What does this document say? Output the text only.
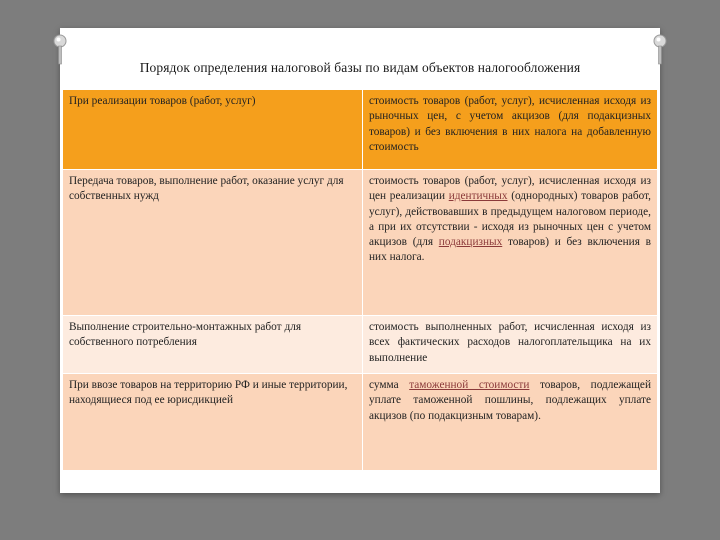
Порядок определения налоговой базы по видам объектов налогообложения
При реализации товаров (работ, услуг)	стоимость товаров (работ, услуг), исчисленная исходя из рыночных цен, с учетом акцизов (для подакцизных товаров) и без включения в них налога на добавленную стоимость
Передача товаров, выполнение работ, оказание услуг для собственных нужд	стоимость товаров (работ, услуг), исчисленная исходя из цен реализации идентичных (однородных) товаров работ, услуг), действовавших в предыдущем налоговом периоде, а при их отсутствии - исходя из рыночных цен с учетом акцизов (для подакцизных товаров) и без включения в них налога.
Выполнение строительно-монтажных работ для собственного потребления	стоимость выполненных работ, исчисленная исходя из всех фактических расходов налогоплательщика на их выполнение
При ввозе товаров на территорию РФ и иные территории, находящиеся под ее юрисдикцией	сумма таможенной стоимости товаров, подлежащей уплате таможенной пошлины, подлежащих уплате акцизов (по подакцизным товарам).
